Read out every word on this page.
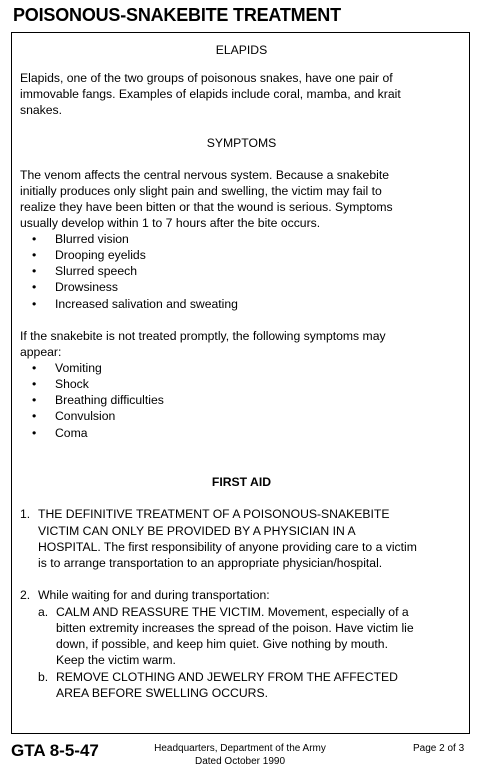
POISONOUS-SNAKEBITE TREATMENT
ELAPIDS
Elapids, one of the two groups of poisonous snakes, have one pair of
immovable fangs. Examples of elapids include coral, mamba, and krait
snakes.
SYMPTOMS
The venom affects the central nervous system. Because a snakebite
initially produces only slight pain and swelling, the victim may fail to
realize they have been bitten or that the wound is serious. Symptoms
usually develop within 1 to 7 hours after the bite occurs.
• Blurred vision
• Drooping eyelids
• Slurred speech
• Drowsiness
• Increased salivation and sweating
If the snakebite is not treated promptly, the following symptoms may
appear:
• Vomiting
• Shock
• Breathing difficulties
• Convulsion
• Coma
FIRST AID
1. THE DEFINITIVE TREATMENT OF A POISONOUS-SNAKEBITE
VICTIM CAN ONLY BE PROVIDED BY A PHYSICIAN IN A
HOSPITAL. The first responsibility of anyone providing care to a victim
is to arrange transportation to an appropriate physician/hospital.
2. While waiting for and during transportation:
a. CALM AND REASSURE THE VICTIM. Movement, especially of a
bitten extremity increases the spread of the poison. Have victim lie
down, if possible, and keep him quiet. Give nothing by mouth.
Keep the victim warm.
b. REMOVE CLOTHING AND JEWELRY FROM THE AFFECTED
AREA BEFORE SWELLING OCCURS.
GTA 8-5-47	Headquarters, Department of the Army
Dated October 1990
Page 2 of 3
